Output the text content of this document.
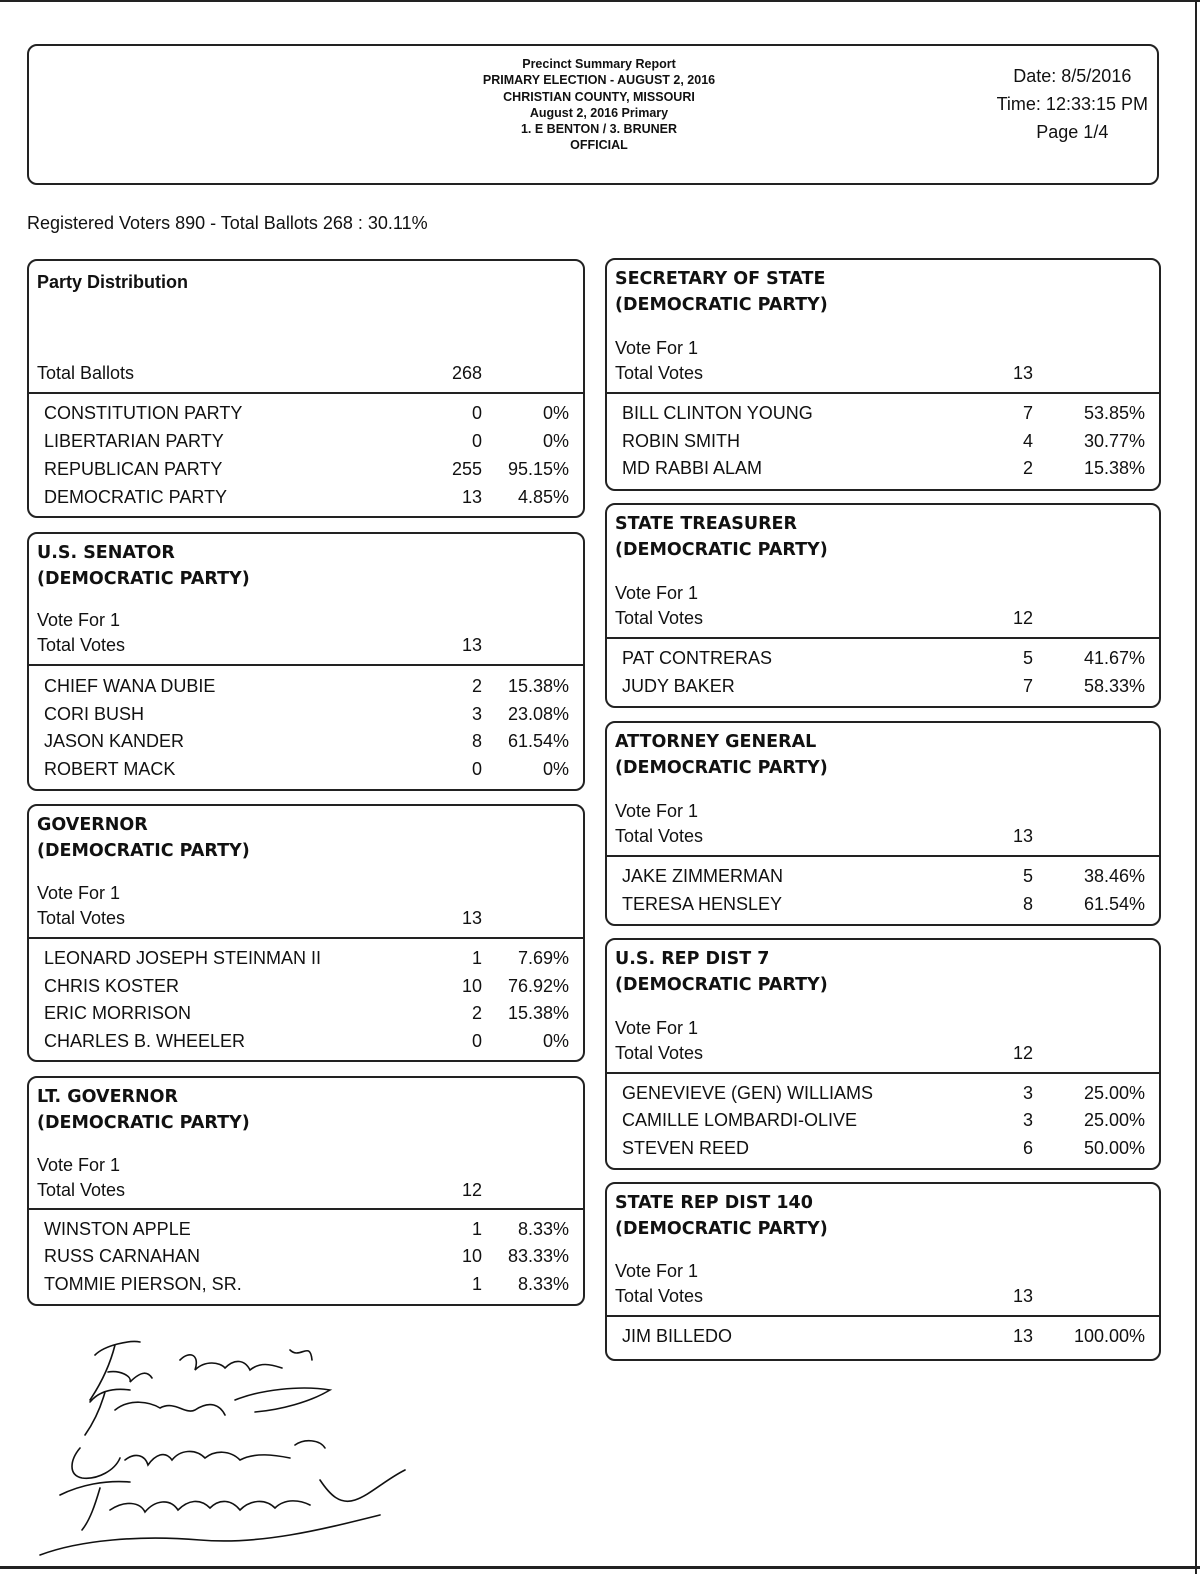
Precinct Summary Report
PRIMARY ELECTION - AUGUST 2, 2016
CHRISTIAN COUNTY, MISSOURI
August 2, 2016 Primary
1. E BENTON / 3. BRUNER
OFFICIAL
Date: 8/5/2016
Time: 12:33:15 PM
Page 1/4
Registered Voters 890 - Total Ballots 268 : 30.11%
Party Distribution
Total Ballots	268
CONSTITUTION PARTY	0	0%
LIBERTARIAN PARTY	0	0%
REPUBLICAN PARTY	255 95.15%
DEMOCRATIC PARTY	13 4.85%
U.S. SENATOR
(DEMOCRATIC PARTY)
Vote For 1
Total Votes	13
CHIEF WANA DUBIE	2 15.38%
CORI BUSH	3 23.08%
JASON KANDER	8 61.54%
ROBERT MACK	0	0%
GOVERNOR
(DEMOCRATIC PARTY)
Vote For 1
Total Votes	13
LEONARD JOSEPH STEINMAN II	1 7.69%
CHRIS KOSTER	10 76.92%
ERIC MORRISON	2 15.38%
CHARLES B. WHEELER	0	0%
LT. GOVERNOR
(DEMOCRATIC PARTY)
Vote For 1
Total Votes	12
WINSTON APPLE	1 8.33%
RUSS CARNAHAN	10 83.33%
TOMMIE PIERSON, SR.	1 8.33%
SECRETARY OF STATE
(DEMOCRATIC PARTY)
Vote For 1
Total Votes	13
BILL CLINTON YOUNG	7	53.85%
ROBIN SMITH	4	30.77%
MD RABBI ALAM	2	15.38%
STATE TREASURER
(DEMOCRATIC PARTY)
Vote For 1
Total Votes	12
PAT CONTRERAS	5	41.67%
JUDY BAKER	7	58.33%
ATTORNEY GENERAL
(DEMOCRATIC PARTY)
Vote For 1
Total Votes	13
JAKE ZIMMERMAN	5	38.46%
TERESA HENSLEY	8	61.54%
U.S. REP DIST 7
(DEMOCRATIC PARTY)
Vote For 1
Total Votes	12
GENEVIEVE (GEN) WILLIAMS	3	25.00%
CAMILLE LOMBARDI-OLIVE	3	25.00%
STEVEN REED	6	50.00%
STATE REP DIST 140
(DEMOCRATIC PARTY)
Vote For 1
Total Votes	13
JIM BILLEDO	13 100.00%
